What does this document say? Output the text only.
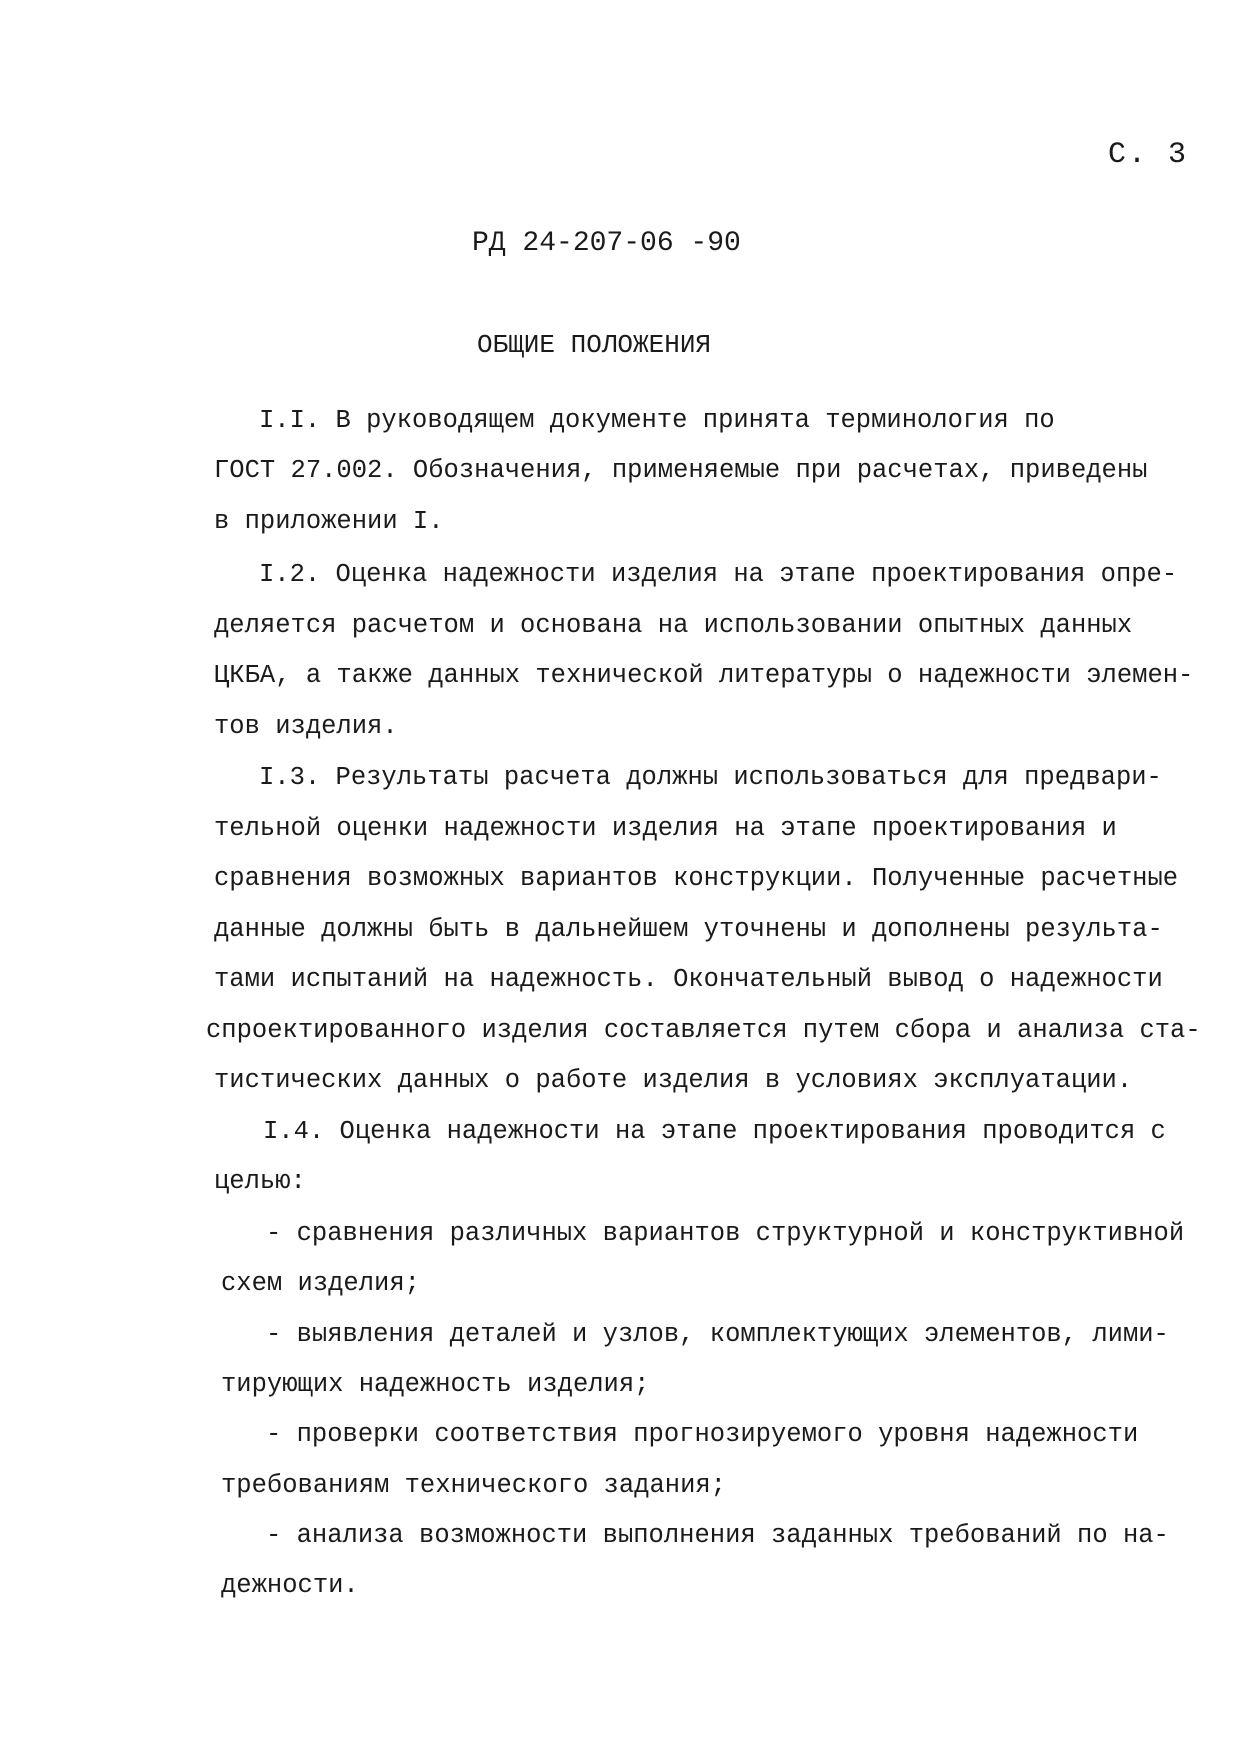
С. 3
РД 24-207-06 -90
ОБЩИЕ ПОЛОЖЕНИЯ
I.I. В руководящем документе принята терминология по
ГОСТ 27.002. Обозначения, применяемые при расчетах, приведены
в приложении I.
I.2. Оценка надежности изделия на этапе проектирования опре-
деляется расчетом и основана на использовании опытных данных
ЦКБА, а также данных технической литературы о надежности элемен-
тов изделия.
I.3. Результаты расчета должны использоваться для предвари-
тельной оценки надежности изделия на этапе проектирования и
сравнения возможных вариантов конструкции. Полученные расчетные
данные должны быть в дальнейшем уточнены и дополнены результа-
тами испытаний на надежность. Окончательный вывод о надежности
спроектированного изделия составляется путем сбора и анализа ста-
тистических данных о работе изделия в условиях эксплуатации.
I.4. Оценка надежности на этапе проектирования проводится с
целью:
- сравнения различных вариантов структурной и конструктивной
схем изделия;
- выявления деталей и узлов, комплектующих элементов, лими-
тирующих надежность изделия;
- проверки соответствия прогнозируемого уровня надежности
требованиям технического задания;
- анализа возможности выполнения заданных требований по на-
дежности.
